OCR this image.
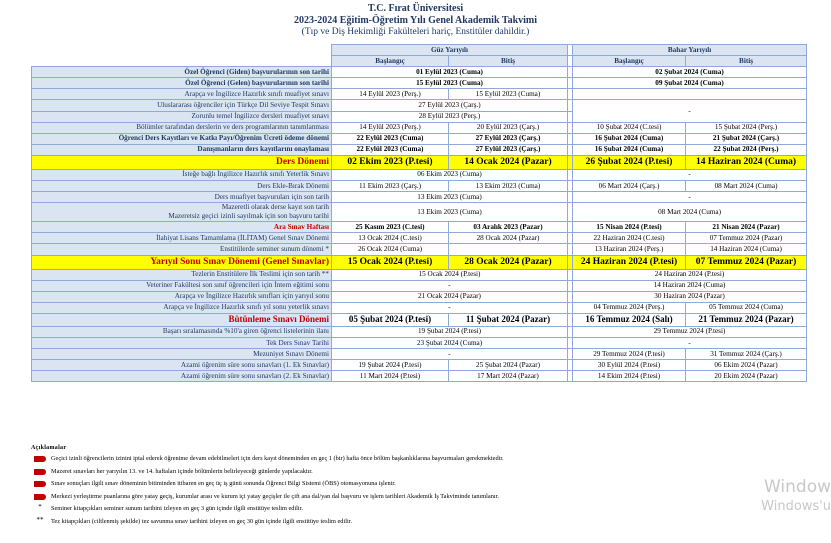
T.C. Fırat Üniversitesi
2023-2024 Eğitim-Öğretim Yılı Genel Akademik Takvimi
(Tıp ve Diş Hekimliği Fakülteleri hariç, Enstitüler dahildir.)
	Güz Yarıyılı			Bahar Yarıyılı	
	Başlangıç	Bitiş		Başlangıç	Bitiş
Özel Öğrenci (Giden) başvurularının son tarihi	01 Eylül 2023 (Cuma)			02 Şubat 2024 (Cuma)	
Özel Öğrenci (Gelen) başvurularının son tarihi	15 Eylül 2023 (Cuma)			09 Şubat 2024 (Cuma)	
Arapça ve İngilizce Hazırlık sınıfı muafiyet sınavı	14 Eylül 2023 (Perş.)	15 Eylül 2023 (Cuma)			
Uluslararası öğrenciler için Türkçe Dil Seviye Tespit Sınavı	27 Eylül 2023 (Çarş.)			-	
Zorunlu temel İngilizce dersleri muafiyet sınavı	28 Eylül 2023 (Perş.)				
Bölümler tarafından derslerin ve ders programlarının tanımlanması	14 Eylül 2023 (Perş.)	20 Eylül 2023 (Çarş.)		10 Şubat 2024 (C.tesi)	15 Şubat 2024 (Perş.)
Öğrenci Ders Kayıtları ve Katkı Payı/Öğrenim Ücreti ödeme dönemi	22 Eylül 2023 (Cuma)	27 Eylül 2023 (Çarş.)		16 Şubat 2024 (Cuma)	21 Şubat 2024 (Çarş.)
Danışmanların ders kayıtlarını onaylaması	22 Eylül 2023 (Cuma)	27 Eylül 2023 (Çarş.)		16 Şubat 2024 (Cuma)	22 Şubat 2024 (Perş.)
Ders Dönemi	02 Ekim 2023 (P.tesi)	14 Ocak 2024 (Pazar)		26 Şubat 2024 (P.tesi)	14 Haziran 2024 (Cuma)
İsteğe bağlı İngilizce Hazırlık sınıfı Yeterlik Sınavı	06 Ekim 2023 (Cuma)			-	
Ders Ekle-Bırak Dönemi	11 Ekim 2023 (Çarş.)	13 Ekim 2023 (Cuma)		06 Mart 2024 (Çarş.)	08 Mart 2024 (Cuma)
Ders muafiyet başvuruları için son tarih	13 Ekim 2023 (Cuma)			-	

Mazeretli olarak derse kayıt son tarih
Mazeretsiz geçici izinli sayılmak için son başvuru tarihi	13 Ekim 2023 (Cuma)			08 Mart 2024 (Cuma)	
Ara Sınav Haftası	25 Kasım 2023 (C.tesi)	03 Aralık 2023 (Pazar)		15 Nisan 2024 (P.tesi)	21 Nisan 2024 (Pazar)
İlahiyat Lisans Tamamlama (İLİTAM) Genel Sınav Dönemi	13 Ocak 2024 (C.tesi)	28 Ocak 2024 (Pazar)		22 Haziran 2024 (C.tesi)	07 Temmuz 2024 (Pazar)
Enstitülerde seminer sunum dönemi *	26 Ocak 2024 (Cuma)			13 Haziran 2024 (Perş.)	14 Haziran 2024 (Cuma)
Yarıyıl Sonu Sınav Dönemi (Genel Sınavlar)	15 Ocak 2024 (P.tesi)	28 Ocak 2024 (Pazar)		24 Haziran 2024 (P.tesi)	07 Temmuz 2024 (Pazar)
Tezlerin Enstitülere İlk Teslimi için son tarih **	15 Ocak 2024 (P.tesi)			24 Haziran 2024 (P.tesi)	
Veteriner Fakültesi son sınıf öğrencileri için İntern eğitimi sonu	-			14 Haziran 2024 (Cuma)	
Arapça ve İngilizce Hazırlık sınıfları için yarıyıl sonu	21 Ocak 2024 (Pazar)			30 Haziran 2024 (Pazar)	
Arapça ve İngilizce Hazırlık sınıfı yıl sonu yeterlik sınavı	-			04 Temmuz 2024 (Perş.)	05 Temmuz 2024 (Cuma)
Bütünleme Sınavı Dönemi	05 Şubat 2024 (P.tesi)	11 Şubat 2024 (Pazar)		16 Temmuz 2024 (Salı)	21 Temmuz 2024 (Pazar)
Başarı sıralamasında %10'a giren öğrenci listelerinin ilanı	19 Şubat 2024 (P.tesi)			29 Temmuz 2024 (P.tesi)	
Tek Ders Sınav Tarihi	23 Şubat 2024 (Cuma)			-	
Mezuniyet Sınavı Dönemi	-			29 Temmuz 2024 (P.tesi)	31 Temmuz 2024 (Çarş.)
Azami öğrenim süre sonu sınavları (1. Ek Sınavlar)	19 Şubat 2024 (P.tesi)	25 Şubat 2024 (Pazar)		30 Eylül 2024 (P.tesi)	06 Ekim 2024 (Pazar)
Azami öğrenim süre sonu sınavları (2. Ek Sınavlar)	11 Mart 2024 (P.tesi)	17 Mart 2024 (Pazar)		14 Ekim 2024 (P.tesi)	20 Ekim 2024 (Pazar)
Açıklamalar
Geçici izinli öğrencilerin izinini iptal ederek öğrenime devam edebilmeleri için ders kayıt döneminden en geç 1 (bir) hafta önce bölüm başkanlıklarına başvurmaları gerekmektedir.
Mazeret sınavları her yarıyılın 13. ve 14. haftaları içinde bölümlerin belirleyeceği günlerde yapılacaktır.
Sınav sonuçları ilgili sınav döneminin bitiminden itibaren en geç üç iş günü sonunda Öğrenci Bilgi Sistemi (ÖBS) otomasyonuna işlenir.
Merkezi yerleştirme puanlarına göre yatay geçiş, kurumlar arası ve kurum içi yatay geçişler ile çift ana dal/yan dal başvuru ve işlem tarihleri Akademik İş Takviminde tanımlanır.
*	Seminer kitapçıkları seminer sunum tarihini izleyen en geç 3 gün içinde ilgili enstitüye teslim edilir.
**	Tez kitapçıkları (ciltlenmiş şekilde) tez savunma sınav tarihini izleyen en geç 30 gün içinde ilgili enstitüye teslim edilir.
Window
Windows'u
